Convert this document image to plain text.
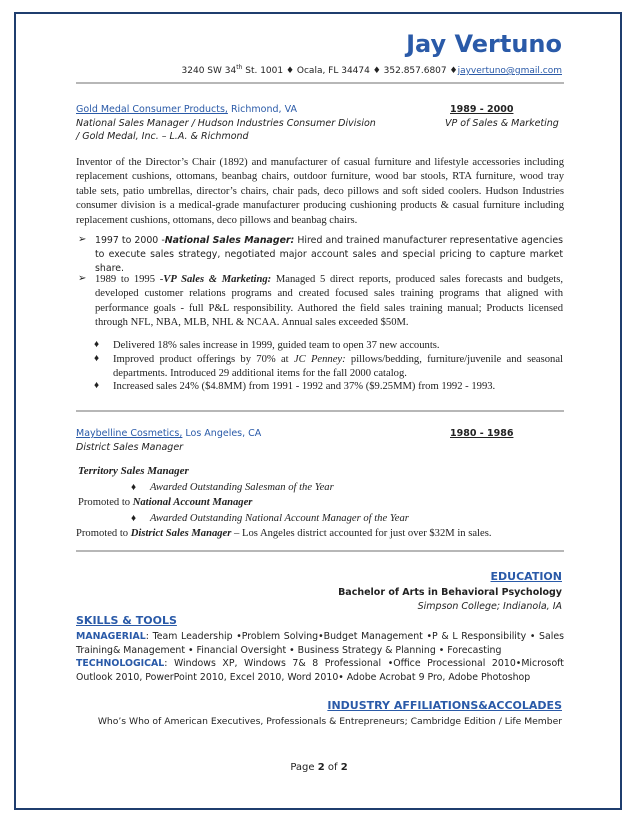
Jay Vertuno
3240 SW 34th St. 1001 ♦ Ocala, FL 34474 ♦ 352.857.6807 ♦jayvertuno@gmail.com
Gold Medal Consumer Products, Richmond, VA	1989 - 2000
National Sales Manager / Hudson Industries Consumer Division	VP of Sales & Marketing
/ Gold Medal, Inc. – L.A. & Richmond
Inventor of the Director’s Chair (1892) and manufacturer of casual furniture and lifestyle accessories including replacement cushions, ottomans, beanbag chairs, outdoor furniture, wood bar stools, RTA furniture, wood tray table sets, patio umbrellas, director’s chairs, chair pads, deco pillows and soft sided coolers. Hudson Industries consumer division is a medical-grade manufacturer producing cushioning products & casual furniture including replacement cushions, ottomans, deco pillows and beanbag chairs.
➢ 1997 to 2000 -National Sales Manager: Hired and trained manufacturer representative agencies to execute sales strategy, negotiated major account sales and special pricing to capture market share.
➢ 1989 to 1995 -VP Sales & Marketing: Managed 5 direct reports, produced sales forecasts and budgets, developed customer relations programs and created focused sales training programs that aligned with performance goals - full P&L responsibility. Authored the field sales training manual; Products licensed through NFL, NBA, MLB, NHL & NCAA. Annual sales exceeded $50M.
♦ Delivered 18% sales increase in 1999, guided team to open 37 new accounts.
♦ Improved product offerings by 70% at JC Penney: pillows/bedding, furniture/juvenile and seasonal departments. Introduced 29 additional items for the fall 2000 catalog.
♦ Increased sales 24% ($4.8MM) from 1991 - 1992 and 37% ($9.25MM) from 1992 - 1993.
Maybelline Cosmetics, Los Angeles, CA	1980 - 1986
District Sales Manager
Territory Sales Manager
♦ Awarded Outstanding Salesman of the Year
Promoted to National Account Manager
♦ Awarded Outstanding National Account Manager of the Year
Promoted to District Sales Manager – Los Angeles district accounted for just over $32M in sales.
EDUCATION
Bachelor of Arts in Behavioral Psychology
Simpson College; Indianola, IA
SKILLS & TOOLS
MANAGERIAL: Team Leadership •Problem Solving•Budget Management •P & L Responsibility • Sales Training& Management • Financial Oversight • Business Strategy & Planning • Forecasting
TECHNOLOGICAL: Windows XP, Windows 7& 8 Professional •Office Processional 2010•Microsoft Outlook 2010, PowerPoint 2010, Excel 2010, Word 2010• Adobe Acrobat 9 Pro, Adobe Photoshop
INDUSTRY AFFILIATIONS&ACCOLADES
Who’s Who of American Executives, Professionals & Entrepreneurs; Cambridge Edition / Life Member
Page 2 of 2
